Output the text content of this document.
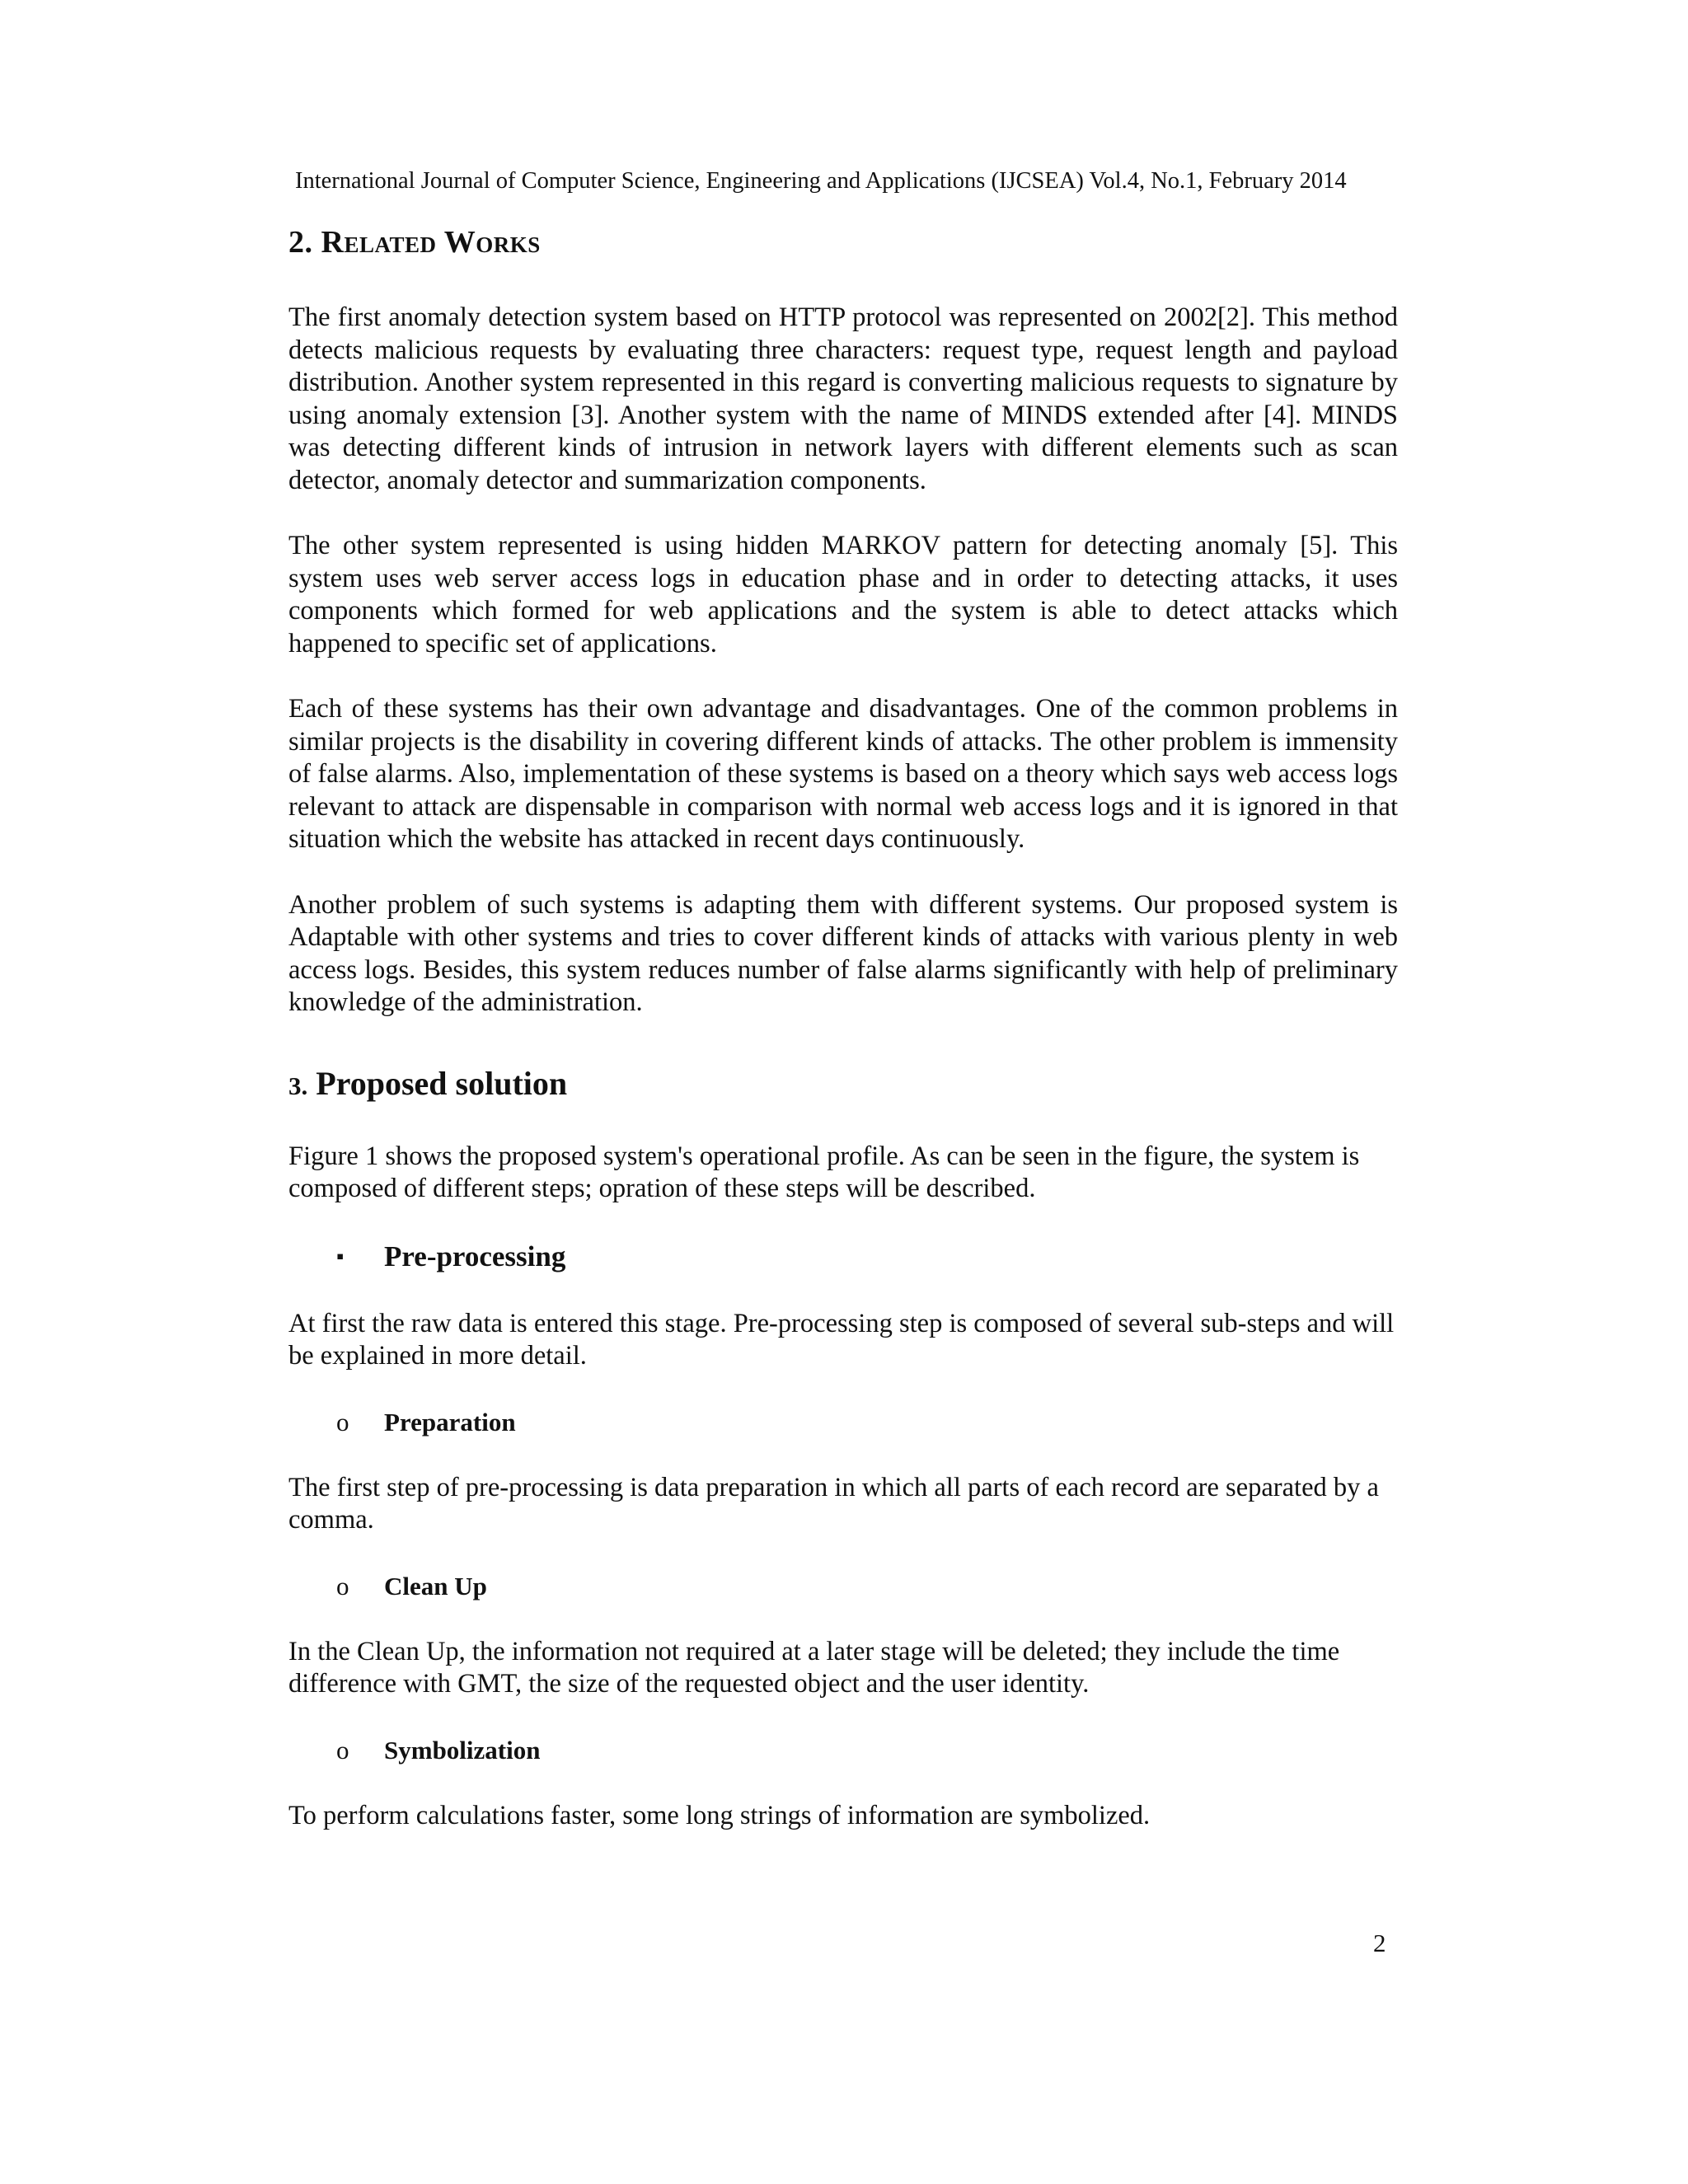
International Journal of Computer Science, Engineering and Applications (IJCSEA) Vol.4, No.1, February 2014
2. Related Works

The first anomaly detection system based on HTTP protocol was represented on 2002[2]. This method detects malicious requests by evaluating three characters: request type, request length and payload distribution. Another system represented in this regard is converting malicious requests to signature by using anomaly extension [3]. Another system with the name of MINDS extended after [4]. MINDS was detecting different kinds of intrusion in network layers with different elements such as scan detector, anomaly detector and summarization components.

The other system represented is using hidden MARKOV pattern for detecting anomaly [5]. This system uses web server access logs in education phase and in order to detecting attacks, it uses components which formed for web applications and the system is able to detect attacks which happened to specific set of applications.

Each of these systems has their own advantage and disadvantages. One of the common problems in similar projects is the disability in covering different kinds of attacks. The other problem is immensity of false alarms. Also, implementation of these systems is based on a theory which says web access logs relevant to attack are dispensable in comparison with normal web access logs and it is ignored in that situation which the website has attacked in recent days continuously.

Another problem of such systems is adapting them with different systems. Our proposed system is Adaptable with other systems and tries to cover different kinds of attacks with various plenty in web access logs. Besides, this system reduces number of false alarms significantly with help of preliminary knowledge of the administration.

3. Proposed solution

Figure 1 shows the proposed system's operational profile. As can be seen in the figure, the system is composed of different steps; opration of these steps will be described.

▪	Pre-processing

At first the raw data is entered this stage. Pre-processing step is composed of several sub-steps and will be explained in more detail.

o	Preparation

The first step of pre-processing is data preparation in which all parts of each record are separated by a comma.

o	Clean Up

In the Clean Up, the information not required at a later stage will be deleted; they include the time difference with GMT, the size of the requested object and the user identity.

o	Symbolization

To perform calculations faster, some long strings of information are symbolized.

2
